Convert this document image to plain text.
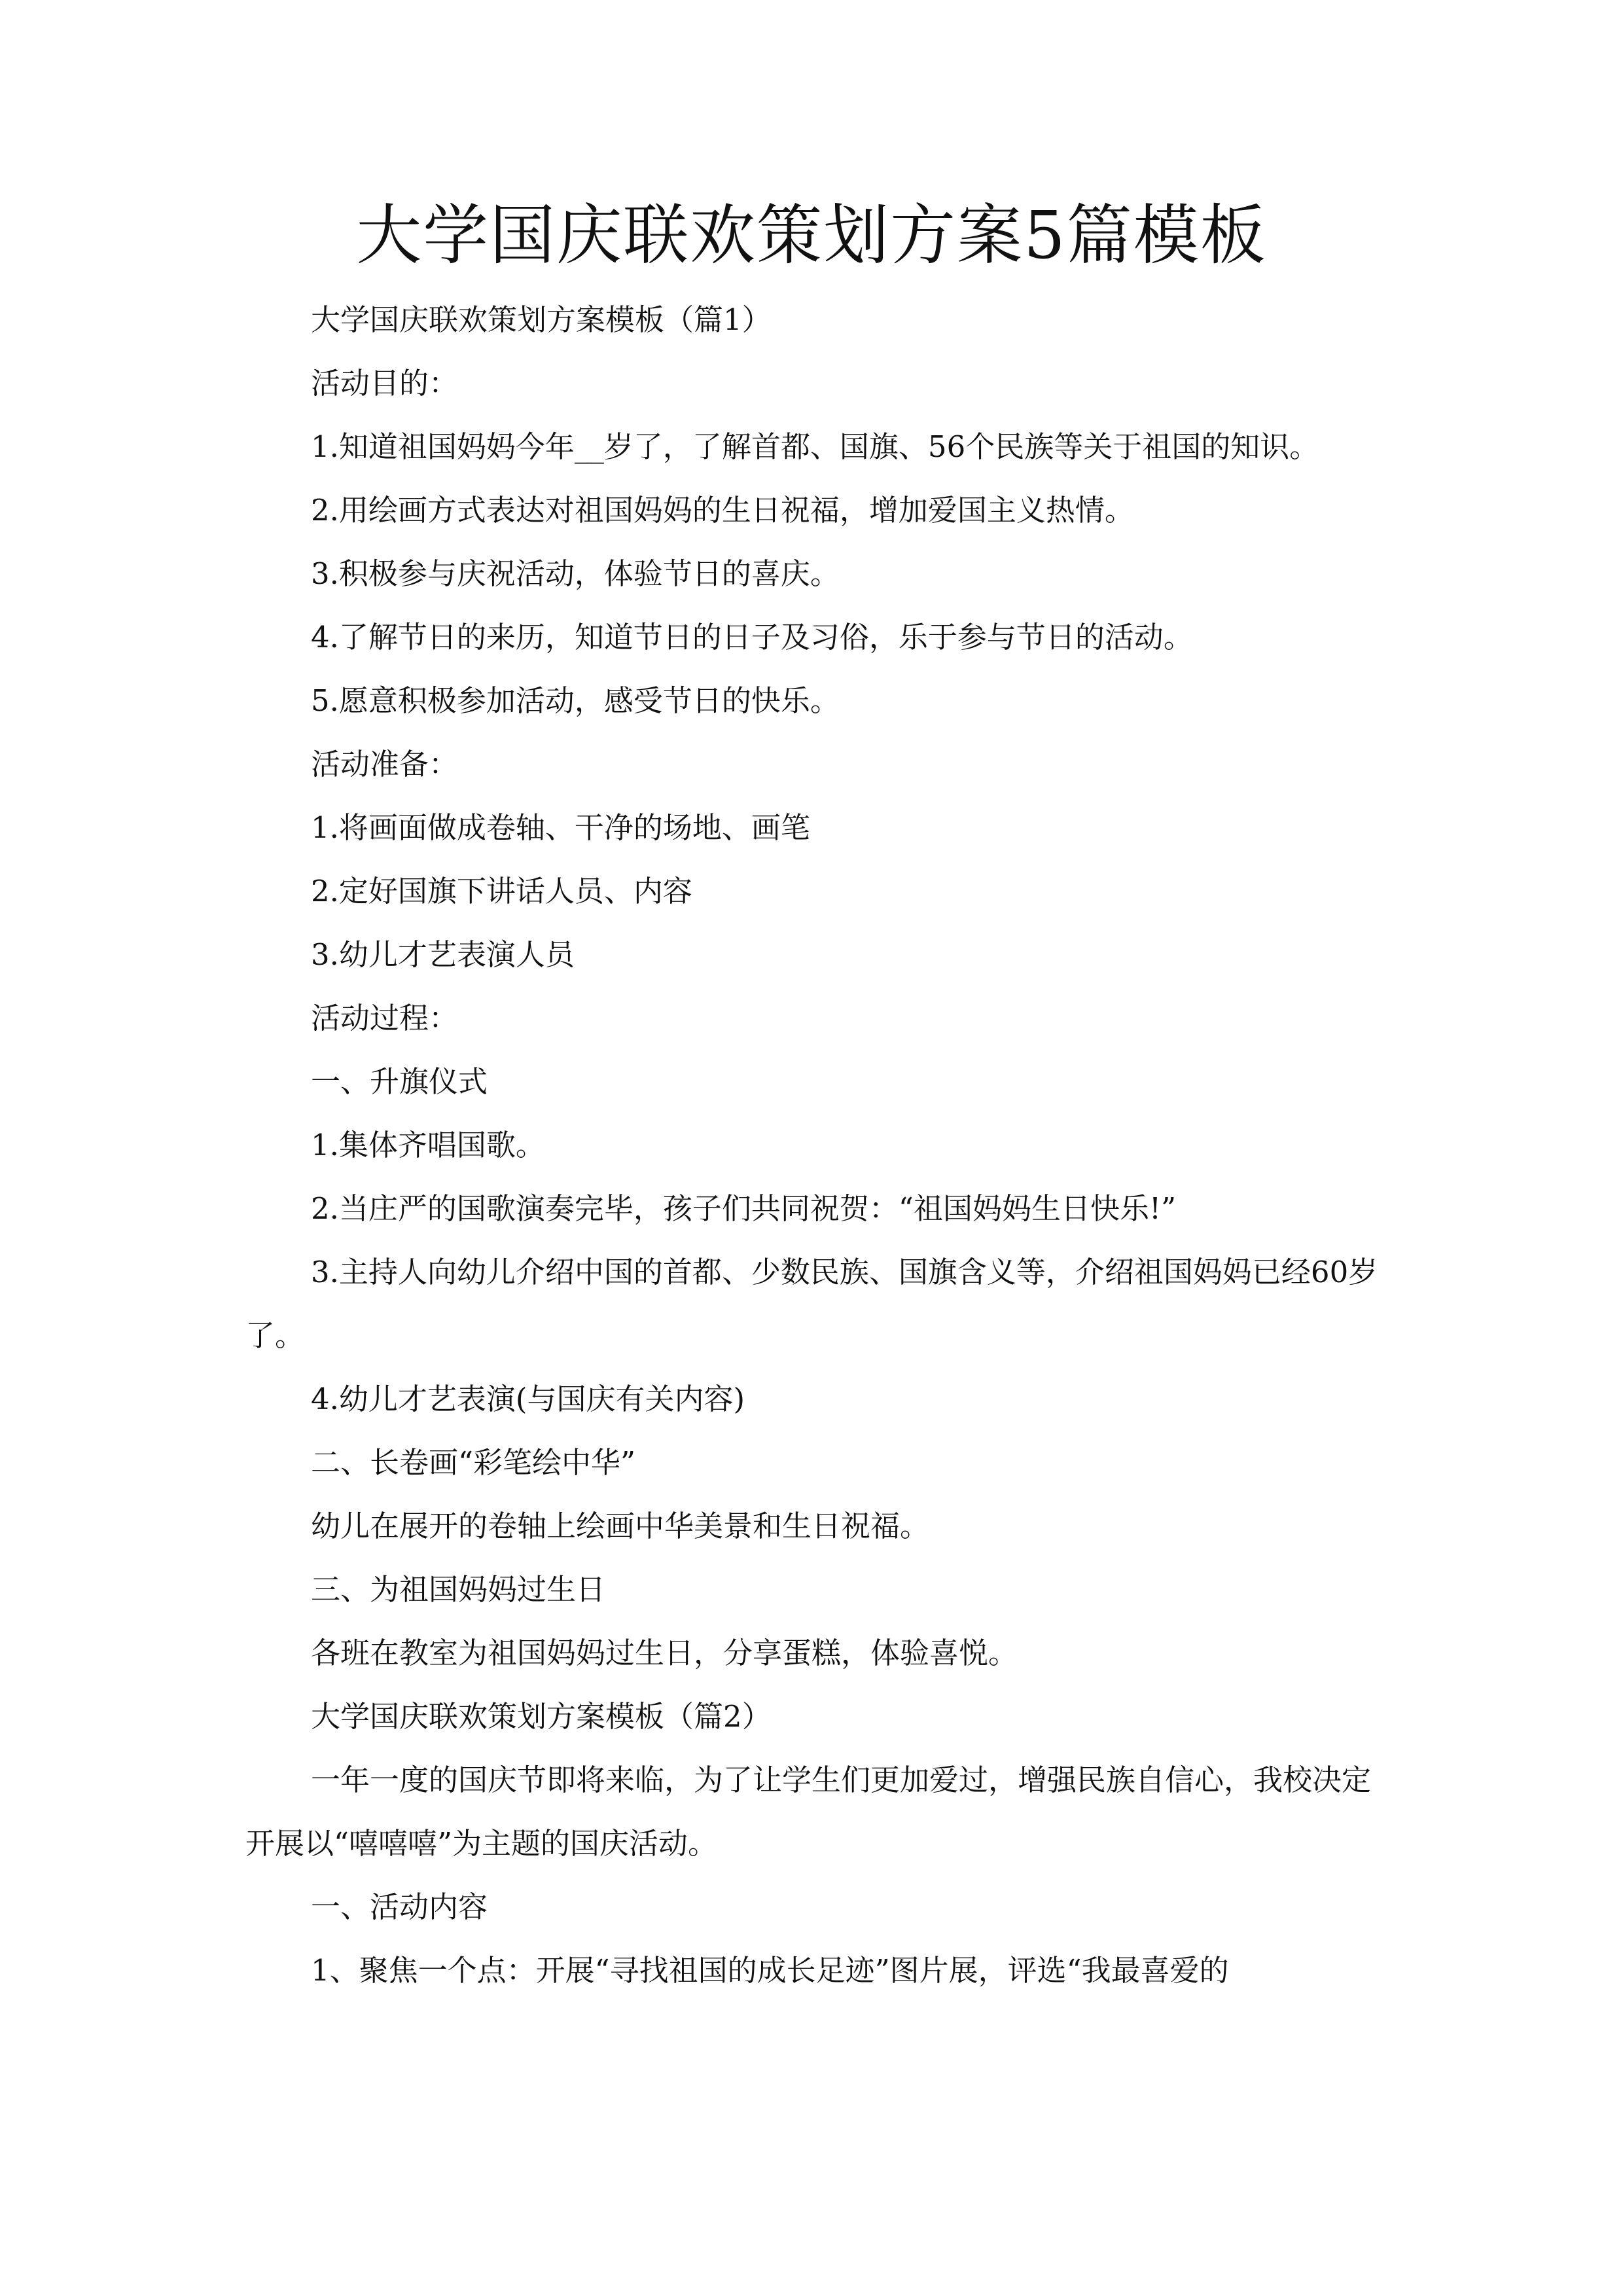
大学国庆联欢策划方案5篇模板

大学国庆联欢策划方案模板（篇1）

活动目的：

1.知道祖国妈妈今年__岁了，了解首都、国旗、56个民族等关于祖国的知识。

2.用绘画方式表达对祖国妈妈的生日祝福，增加爱国主义热情。

3.积极参与庆祝活动，体验节日的喜庆。

4.了解节日的来历，知道节日的日子及习俗，乐于参与节日的活动。

5.愿意积极参加活动，感受节日的快乐。

活动准备：

1.将画面做成卷轴、干净的场地、画笔

2.定好国旗下讲话人员、内容

3.幼儿才艺表演人员

活动过程：

一、升旗仪式

1.集体齐唱国歌。

2.当庄严的国歌演奏完毕，孩子们共同祝贺：“祖国妈妈生日快乐!”

3.主持人向幼儿介绍中国的首都、少数民族、国旗含义等，介绍祖国妈妈已经60岁了。

4.幼儿才艺表演(与国庆有关内容)

二、长卷画“彩笔绘中华”

幼儿在展开的卷轴上绘画中华美景和生日祝福。

三、为祖国妈妈过生日

各班在教室为祖国妈妈过生日，分享蛋糕，体验喜悦。

大学国庆联欢策划方案模板（篇2）

一年一度的国庆节即将来临，为了让学生们更加爱过，增强民族自信心，我校决定开展以“嘻嘻嘻”为主题的国庆活动。

一、活动内容

1、聚焦一个点：开展“寻找祖国的成长足迹”图片展，评选“我最喜爱的
